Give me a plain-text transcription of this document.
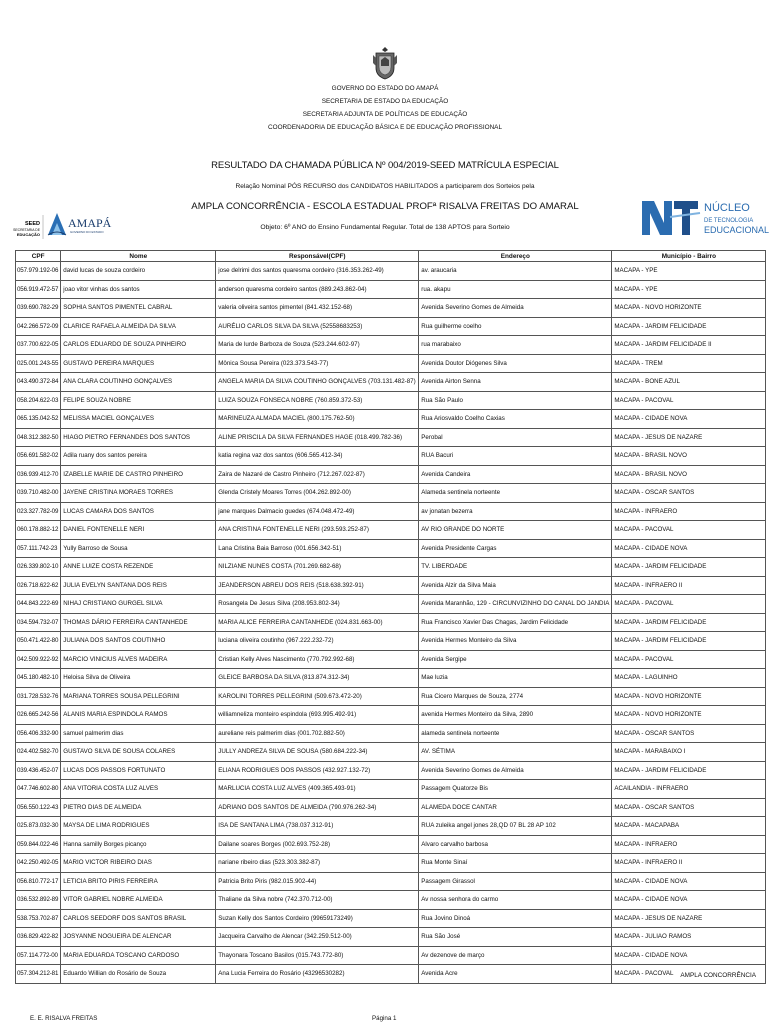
GOVERNO DO ESTADO DO AMAPÁ
SECRETARIA DE ESTADO DA EDUCAÇÃO
SECRETARIA ADJUNTA DE POLÍTICAS DE EDUCAÇÃO
COORDENADORIA DE EDUCAÇÃO BÁSICA E DE EDUCAÇÃO PROFISSIONAL
RESULTADO DA CHAMADA PÚBLICA Nº 004/2019-SEED MATRÍCULA ESPECIAL
Relação Nominal PÓS RECURSO dos CANDIDATOS HABILITADOS a participarem dos Sorteios pela
AMPLA CONCORRÊNCIA - ESCOLA ESTADUAL PROFª RISALVA FREITAS DO AMARAL
Objeto: 6º ANO do Ensino Fundamental Regular. Total de 138 APTOS para Sorteio
SEED
SECRETARIA DE
EDUCAÇÃO
AMAPÁ
GOVERNO DO ESTADO
NÚCLEO
DE TECNOLOGIA
EDUCACIONAL
CPF	Nome	Responsável(CPF)	Endereço	Município - Bairro
057.979.192-06	david lucas de souza cordeiro	jose delrimi dos santos quaresma cordeiro (316.353.262-49)	av. araucaria	MACAPA - YPE
056.919.472-57	joao vitor vinhas dos santos	anderson quaresma cordeiro santos (889.243.862-04)	rua. akapu	MACAPA - YPE
039.690.782-29	SOPHIA SANTOS PIMENTEL CABRAL	valeria oliveira santos pimentel (841.432.152-68)	Avenida Severino Gomes de Almeida	MACAPA - NOVO HORIZONTE
042.266.572-09	CLARICE RAFAELA ALMEIDA DA SILVA	AURÉLIO CARLOS SILVA DA SILVA (52558683253)	Rua guilherme coelho	MACAPA - JARDIM FELICIDADE
037.700.622-05	CARLOS EDUARDO DE SOUZA PINHEIRO	Maria de lurde Barboza de Souza (523.244.602-97)	rua marabaixo	MACAPA - JARDIM FELICIDADE II
025.001.243-55	GUSTAVO PEREIRA MARQUES	Mônica Sousa Pereira (023.373.543-77)	Avenida Doutor Diógenes Silva	MACAPA - TREM
043.490.372-84	ANA CLARA COUTINHO GONÇALVES	ANGELA MARIA DA SILVA COUTINHO GONÇALVES (703.131.482-87)	Avenida Airton Senna	MACAPA - BONE AZUL
058.204.622-03	FELIPE SOUZA NOBRE	LUIZA SOUZA FONSECA NOBRE (760.859.372-53)	Rua São Paulo	MACAPA - PACOVAL
065.135.042-52	MELISSA MACIEL GONÇALVES	MARINEUZA ALMADA MACIEL (800.175.762-50)	Rua Ariosvaldo Coelho Caxias	MACAPA - CIDADE NOVA
048.312.382-50	HIAGO PIETRO FERNANDES DOS SANTOS	ALINE PRISCILA DA SILVA FERNANDES HAGE (018.499.782-36)	Perobal	MACAPA - JESUS DE NAZARE
056.691.582-02	Adila ruany dos santos pereira	katia regina vaz dos santos (606.565.412-34)	RUA Bacuri	MACAPA - BRASIL NOVO
036.939.412-70	IZABELLE MARIE DE CASTRO PINHEIRO	Zaira de Nazaré de Castro Pinheiro (712.267.022-87)	Avenida Candeira	MACAPA - BRASIL NOVO
039.710.482-00	JAYENE CRISTINA MORAES TORRES	Glenda Cristely Moares Torres (004.262.892-00)	Alameda sentinela norteente	MACAPA - OSCAR SANTOS
023.327.782-09	LUCAS CAMARA DOS SANTOS	jane marques Dalmacio guedes (674.048.472-49)	av jonatan bezerra	MACAPA - INFRAERO
060.178.882-12	DANIEL FONTENELLE NERI	ANA CRISTINA FONTENELLE NERI (293.593.252-87)	AV RIO GRANDE DO NORTE	MACAPA - PACOVAL
057.111.742-23	Yully Barroso de Sousa	Lana Cristina Baia Barroso (001.656.342-51)	Avenida Presidente Cargas	MACAPA - CIDADE NOVA
026.339.802-10	ANNE LUIZE COSTA REZENDE	NILZIANE NUNES COSTA (701.269.682-68)	TV. LIBERDADE	MACAPA - JARDIM FELICIDADE
026.718.622-62	JULIA EVELYN SANTANA DOS REIS	JEANDERSON ABREU DOS REIS (518.638.392-91)	Avenida Alzir da Silva Maia	MACAPA - INFRAERO II
044.843.222-69	NIHAJ CRISTIANO GURGEL SILVA	Rosangela De Jesus Silva (208.953.802-34)	Avenida Maranhão, 129 - CIRCUNVIZINHO DO CANAL DO JANDIA	MACAPA - PACOVAL
034.594.732-07	THOMAS DÁRIO FERREIRA CANTANHEDE	MARIA ALICE FERREIRA CANTANHEDE (024.831.663-00)	Rua Francisco Xavier Das Chagas, Jardim Felicidade	MACAPA - JARDIM FELICIDADE
050.471.422-80	JULIANA DOS SANTOS COUTINHO	luciana oliveira coutinho (967.222.232-72)	Avenida Hermes Monteiro da Silva	MACAPA - JARDIM FELICIDADE
042.509.922-92	MARCIO VINICIUS ALVES MADEIRA	Cristian Kelly Alves Nascimento (770.792.992-68)	Avenida Sergipe	MACAPA - PACOVAL
045.180.482-10	Heloisa Silva de Oliveira	GLEICE BARBOSA DA SILVA (813.874.312-34)	Mae luzia	MACAPA - LAGUINHO
031.728.532-76	MARIANA TORRES SOUSA PELLEGRINI	KAROLINI TORRES PELLEGRINI (509.673.472-20)	Rua Cicero Marques de Souza, 2774	MACAPA - NOVO HORIZONTE
026.665.242-56	ALANIS MARIA ESPINDOLA RAMOS	williamneliza monteiro espindola (693.995.492-91)	avenida Hermes Monteiro da Silva, 2890	MACAPA - NOVO HORIZONTE
056.406.332-90	samuel palmerim dias	aureliane reis palmerim dias (001.702.882-50)	alameda sentinela norteente	MACAPA - OSCAR SANTOS
024.402.582-70	GUSTAVO SILVA DE SOUSA COLARES	JULLY ANDREZA SILVA DE SOUSA (580.684.222-34)	AV. SÉTIMA	MACAPA - MARABAIXO I
039.436.452-07	LUCAS DOS PASSOS FORTUNATO	ELIANA RODRIGUES DOS PASSOS (432.927.132-72)	Avenida Severino Gomes de Almeida	MACAPA - JARDIM FELICIDADE
047.746.602-80	ANA VITORIA COSTA LUZ ALVES	MARLUCIA COSTA LUZ ALVES (409.365.493-91)	Passagem Quatorze Bis	ACAILANDIA - INFRAERO
056.550.122-43	PIETRO DIAS DE ALMEIDA	ADRIANO DOS SANTOS DE ALMEIDA (790.976.262-34)	ALAMEDA DOCE CANTAR	MACAPA - OSCAR SANTOS
025.873.032-30	MAYSA DE LIMA RODRIGUES	ISA DE SANTANA LIMA (738.037.312-91)	RUA zuleika angel jones 28,QD 07 BL 28 AP 102	MACAPA - MACAPABA
059.844.022-46	Hanna samilly Borges picanço	Dailane soares Borges (002.693.752-28)	Alvaro carvalho barbosa	MACAPA - INFRAERO
042.250.492-05	MARIO VICTOR RIBEIRO DIAS	nariane ribeiro dias (523.303.382-87)	Rua Monte Sinaí	MACAPA - INFRAERO II
056.810.772-17	LETICIA BRITO PIRIS FERREIRA	Patricia Brito Piris (982.015.902-44)	Passagem Girassol	MACAPA - CIDADE NOVA
036.532.892-89	VITOR GABRIEL NOBRE ALMEIDA	Thaliane da Silva nobre (742.370.712-00)	Av nossa senhora do carmo	MACAPA - CIDADE NOVA
538.753.702-87	CARLOS SEEDORF DOS SANTOS BRASIL	Suzan Kelly dos Santos Cordeiro (99659173249)	Rua Jovino Dinoá	MACAPA - JESUS DE NAZARE
036.829.422-82	JOSYANNE NOGUEIRA DE ALENCAR	Jacqueira Carvalho de Alencar (342.259.512-00)	Rua São José	MACAPA - JULIAO RAMOS
057.114.772-00	MARIA EDUARDA TOSCANO CARDOSO	Thayonara Toscano Basilos (015.743.772-80)	Av dezenove de março	MACAPA - CIDADE NOVA
057.304.212-81	Eduardo Willian do Rosário de Souza	Ana Lucia Ferreira do Rosário (43296530282)	Avenida Acre	MACAPA - PACOVAL AMPLA CONCORRÊNCIA
E. E. RISALVA FREITAS	Página 1
